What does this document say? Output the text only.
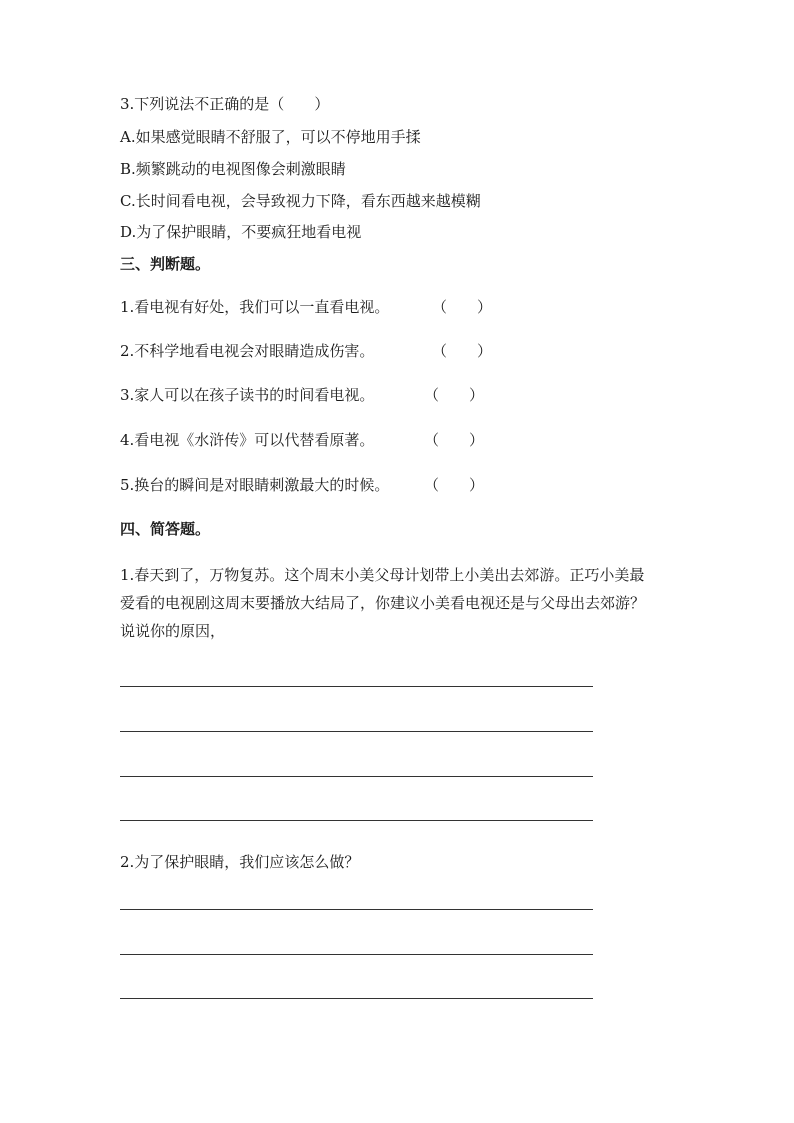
3.下列说法不正确的是（　　）
A.如果感觉眼睛不舒服了，可以不停地用手揉
B.频繁跳动的电视图像会刺激眼睛
C.长时间看电视，会导致视力下降，看东西越来越模糊
D.为了保护眼睛，不要疯狂地看电视
三、判断题。
1.看电视有好处，我们可以一直看电视。	（　　）
2.不科学地看电视会对眼睛造成伤害。	（　　）
3.家人可以在孩子读书的时间看电视。	（　　）
4.看电视《水浒传》可以代替看原著。	（　　）
5.换台的瞬间是对眼睛刺激最大的时候。 （　　）
四、简答题。
1.春天到了，万物复苏。这个周末小美父母计划带上小美出去郊游。正巧小美最
爱看的电视剧这周末要播放大结局了，你建议小美看电视还是与父母出去郊游？
说说你的原因，
2.为了保护眼睛，我们应该怎么做？
